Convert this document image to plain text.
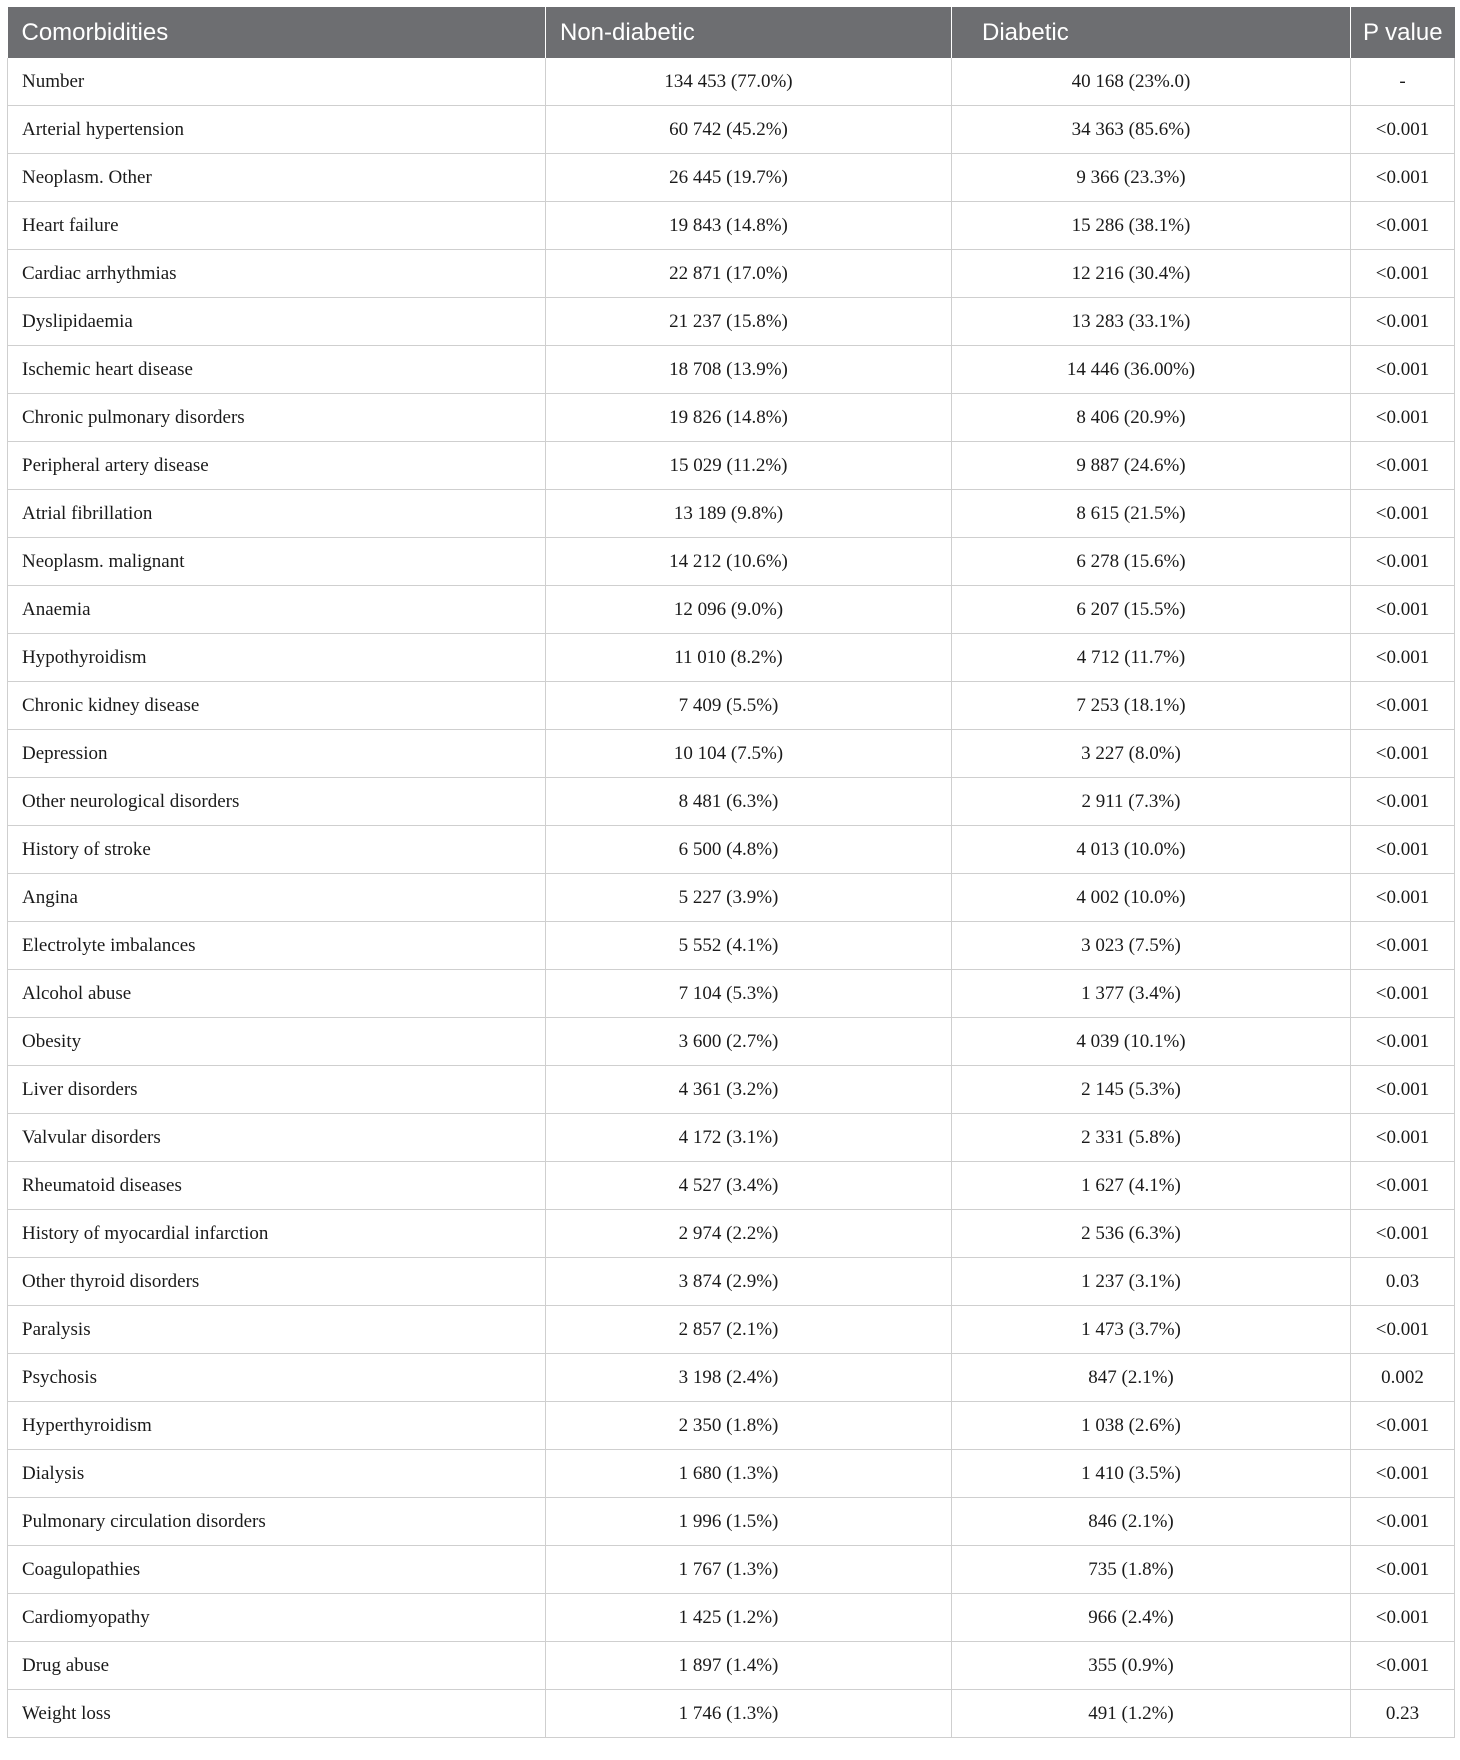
Comorbidities	Non-diabetic	Diabetic	P value
Number	134 453 (77.0%)	40 168 (23%.0)	-
Arterial hypertension	60 742 (45.2%)	34 363 (85.6%)	<0.001
Neoplasm. Other	26 445 (19.7%)	9 366 (23.3%)	<0.001
Heart failure	19 843 (14.8%)	15 286 (38.1%)	<0.001
Cardiac arrhythmias	22 871 (17.0%)	12 216 (30.4%)	<0.001
Dyslipidaemia	21 237 (15.8%)	13 283 (33.1%)	<0.001
Ischemic heart disease	18 708 (13.9%)	14 446 (36.00%)	<0.001
Chronic pulmonary disorders	19 826 (14.8%)	8 406 (20.9%)	<0.001
Peripheral artery disease	15 029 (11.2%)	9 887 (24.6%)	<0.001
Atrial fibrillation	13 189 (9.8%)	8 615 (21.5%)	<0.001
Neoplasm. malignant	14 212 (10.6%)	6 278 (15.6%)	<0.001
Anaemia	12 096 (9.0%)	6 207 (15.5%)	<0.001
Hypothyroidism	11 010 (8.2%)	4 712 (11.7%)	<0.001
Chronic kidney disease	7 409 (5.5%)	7 253 (18.1%)	<0.001
Depression	10 104 (7.5%)	3 227 (8.0%)	<0.001
Other neurological disorders	8 481 (6.3%)	2 911 (7.3%)	<0.001
History of stroke	6 500 (4.8%)	4 013 (10.0%)	<0.001
Angina	5 227 (3.9%)	4 002 (10.0%)	<0.001
Electrolyte imbalances	5 552 (4.1%)	3 023 (7.5%)	<0.001
Alcohol abuse	7 104 (5.3%)	1 377 (3.4%)	<0.001
Obesity	3 600 (2.7%)	4 039 (10.1%)	<0.001
Liver disorders	4 361 (3.2%)	2 145 (5.3%)	<0.001
Valvular disorders	4 172 (3.1%)	2 331 (5.8%)	<0.001
Rheumatoid diseases	4 527 (3.4%)	1 627 (4.1%)	<0.001
History of myocardial infarction	2 974 (2.2%)	2 536 (6.3%)	<0.001
Other thyroid disorders	3 874 (2.9%)	1 237 (3.1%)	0.03
Paralysis	2 857 (2.1%)	1 473 (3.7%)	<0.001
Psychosis	3 198 (2.4%)	847 (2.1%)	0.002
Hyperthyroidism	2 350 (1.8%)	1 038 (2.6%)	<0.001
Dialysis	1 680 (1.3%)	1 410 (3.5%)	<0.001
Pulmonary circulation disorders	1 996 (1.5%)	846 (2.1%)	<0.001
Coagulopathies	1 767 (1.3%)	735 (1.8%)	<0.001
Cardiomyopathy	1 425 (1.2%)	966 (2.4%)	<0.001
Drug abuse	1 897 (1.4%)	355 (0.9%)	<0.001
Weight loss	1 746 (1.3%)	491 (1.2%)	0.23
